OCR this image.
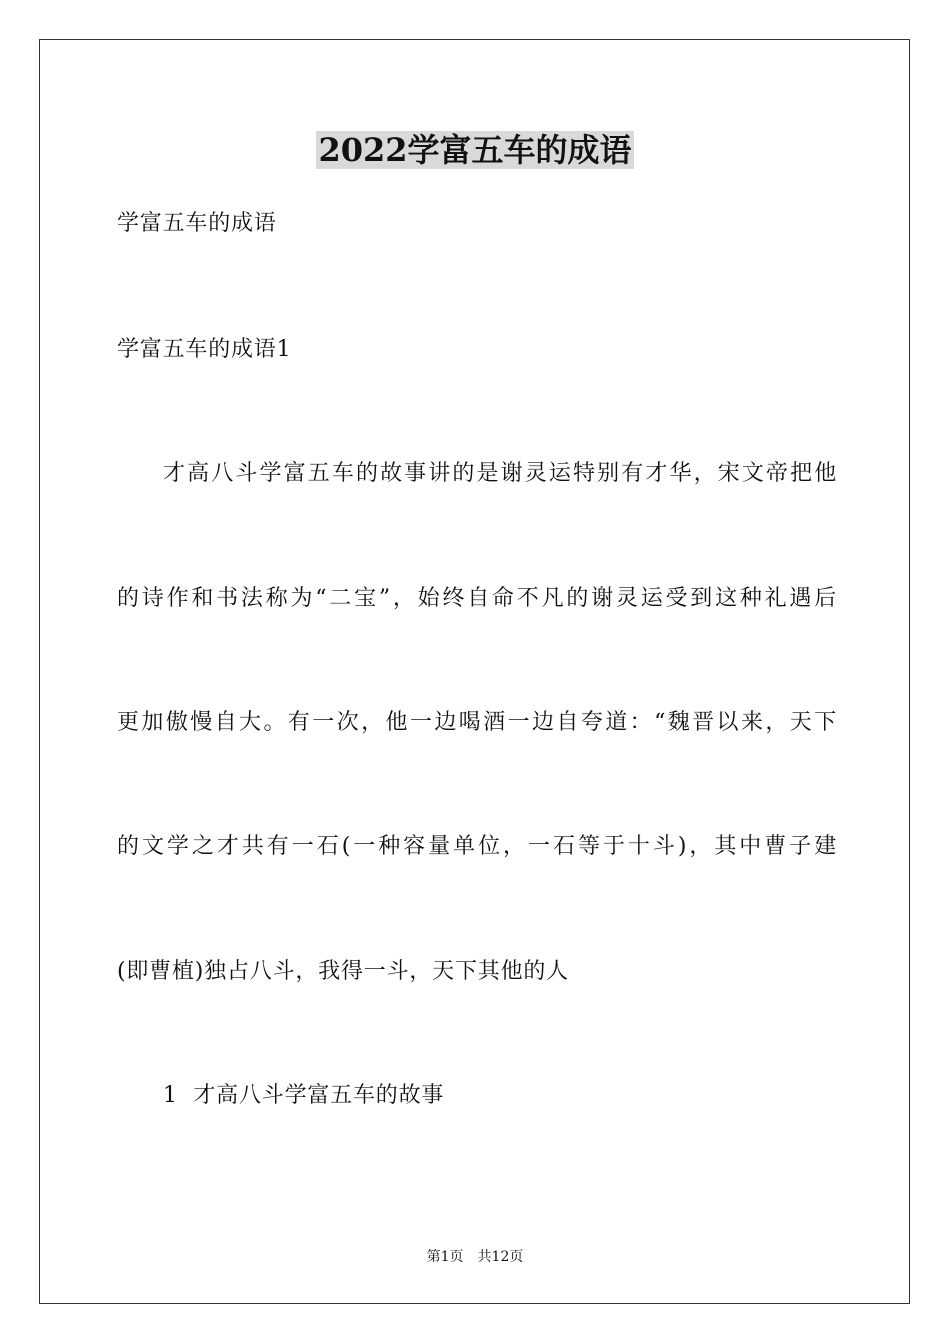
2022学富五车的成语
学富五车的成语
学富五车的成语1
才高八斗学富五车的故事讲的是谢灵运特别有才华，宋文帝把他
的诗作和书法称为“二宝”，始终自命不凡的谢灵运受到这种礼遇后
更加傲慢自大。有一次，他一边喝酒一边自夸道：“魏晋以来，天下
的文学之才共有一石(一种容量单位，一石等于十斗)，其中曹子建
(即曹植)独占八斗，我得一斗，天下其他的人
1  才高八斗学富五车的故事
第1页 共12页
